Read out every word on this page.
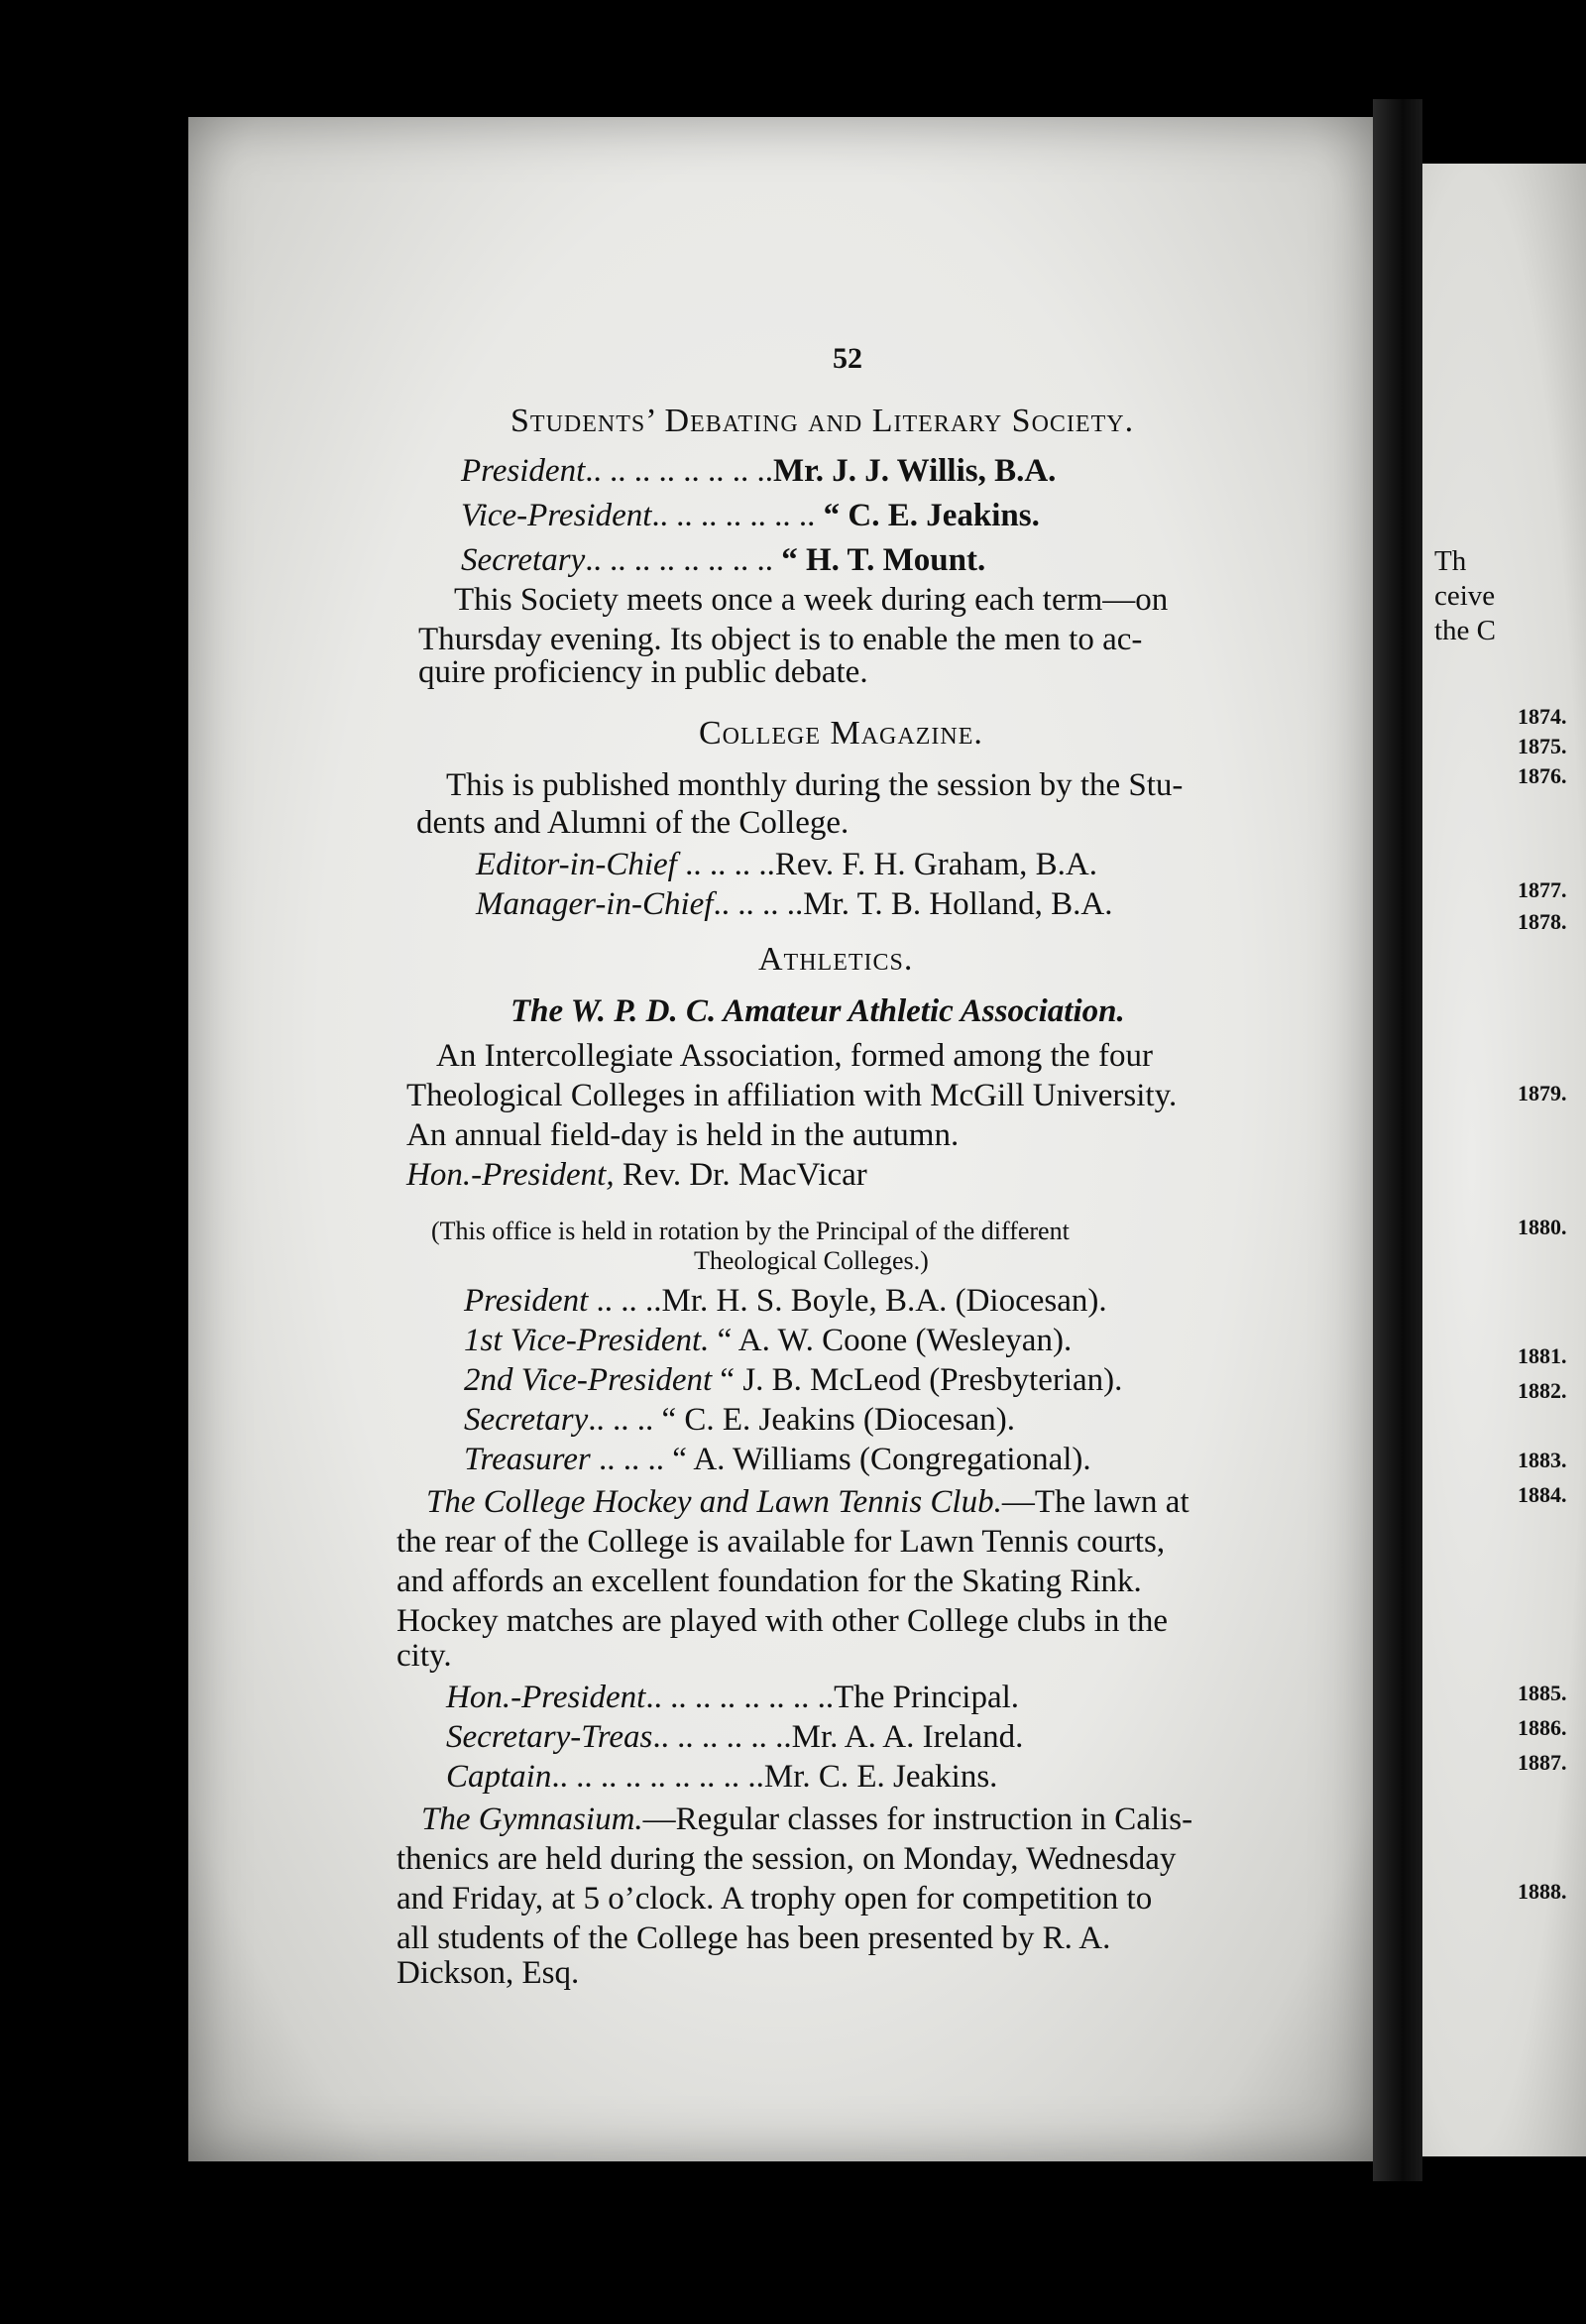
Th
ceive
the C
1874.
1875.
1876.
1877.
1878.
1879.
1880.
1881.
1882.
1883.
1884.
1885.
1886.
1887.
1888.
52
Students’ Debating and Literary Society.
President.. .. .. .. .. .. .. ..Mr. J. J. Willis, B.A.
Vice-President.. .. .. .. .. .. .. “ C. E. Jeakins.
Secretary.. .. .. .. .. .. .. .. “ H. T. Mount.
This Society meets once a week during each term—on
Thursday evening. Its object is to enable the men to ac-
quire proficiency in public debate.
College Magazine.
This is published monthly during the session by the Stu-
dents and Alumni of the College.
Editor-in-Chief .. .. .. ..Rev. F. H. Graham, B.A.
Manager-in-Chief.. .. .. ..Mr. T. B. Holland, B.A.
Athletics.
The W. P. D. C. Amateur Athletic Association.
An Intercollegiate Association, formed among the four
Theological Colleges in affiliation with McGill University.
An annual field-day is held in the autumn.
Hon.-President, Rev. Dr. MacVicar
(This office is held in rotation by the Principal of the different
Theological Colleges.)
President .. .. ..Mr. H. S. Boyle, B.A. (Diocesan).
1st Vice-President. “ A. W. Coone (Wesleyan).
2nd Vice-President “ J. B. McLeod (Presbyterian).
Secretary.. .. .. “ C. E. Jeakins (Diocesan).
Treasurer .. .. .. “ A. Williams (Congregational).
The College Hockey and Lawn Tennis Club.—The lawn at
the rear of the College is available for Lawn Tennis courts,
and affords an excellent foundation for the Skating Rink.
Hockey matches are played with other College clubs in the
city.
Hon.-President.. .. .. .. .. .. .. ..The Principal.
Secretary-Treas.. .. .. .. .. ..Mr. A. A. Ireland.
Captain.. .. .. .. .. .. .. .. ..Mr. C. E. Jeakins.
The Gymnasium.—Regular classes for instruction in Calis-
thenics are held during the session, on Monday, Wednesday
and Friday, at 5 o’clock. A trophy open for competition to
all students of the College has been presented by R. A.
Dickson, Esq.
